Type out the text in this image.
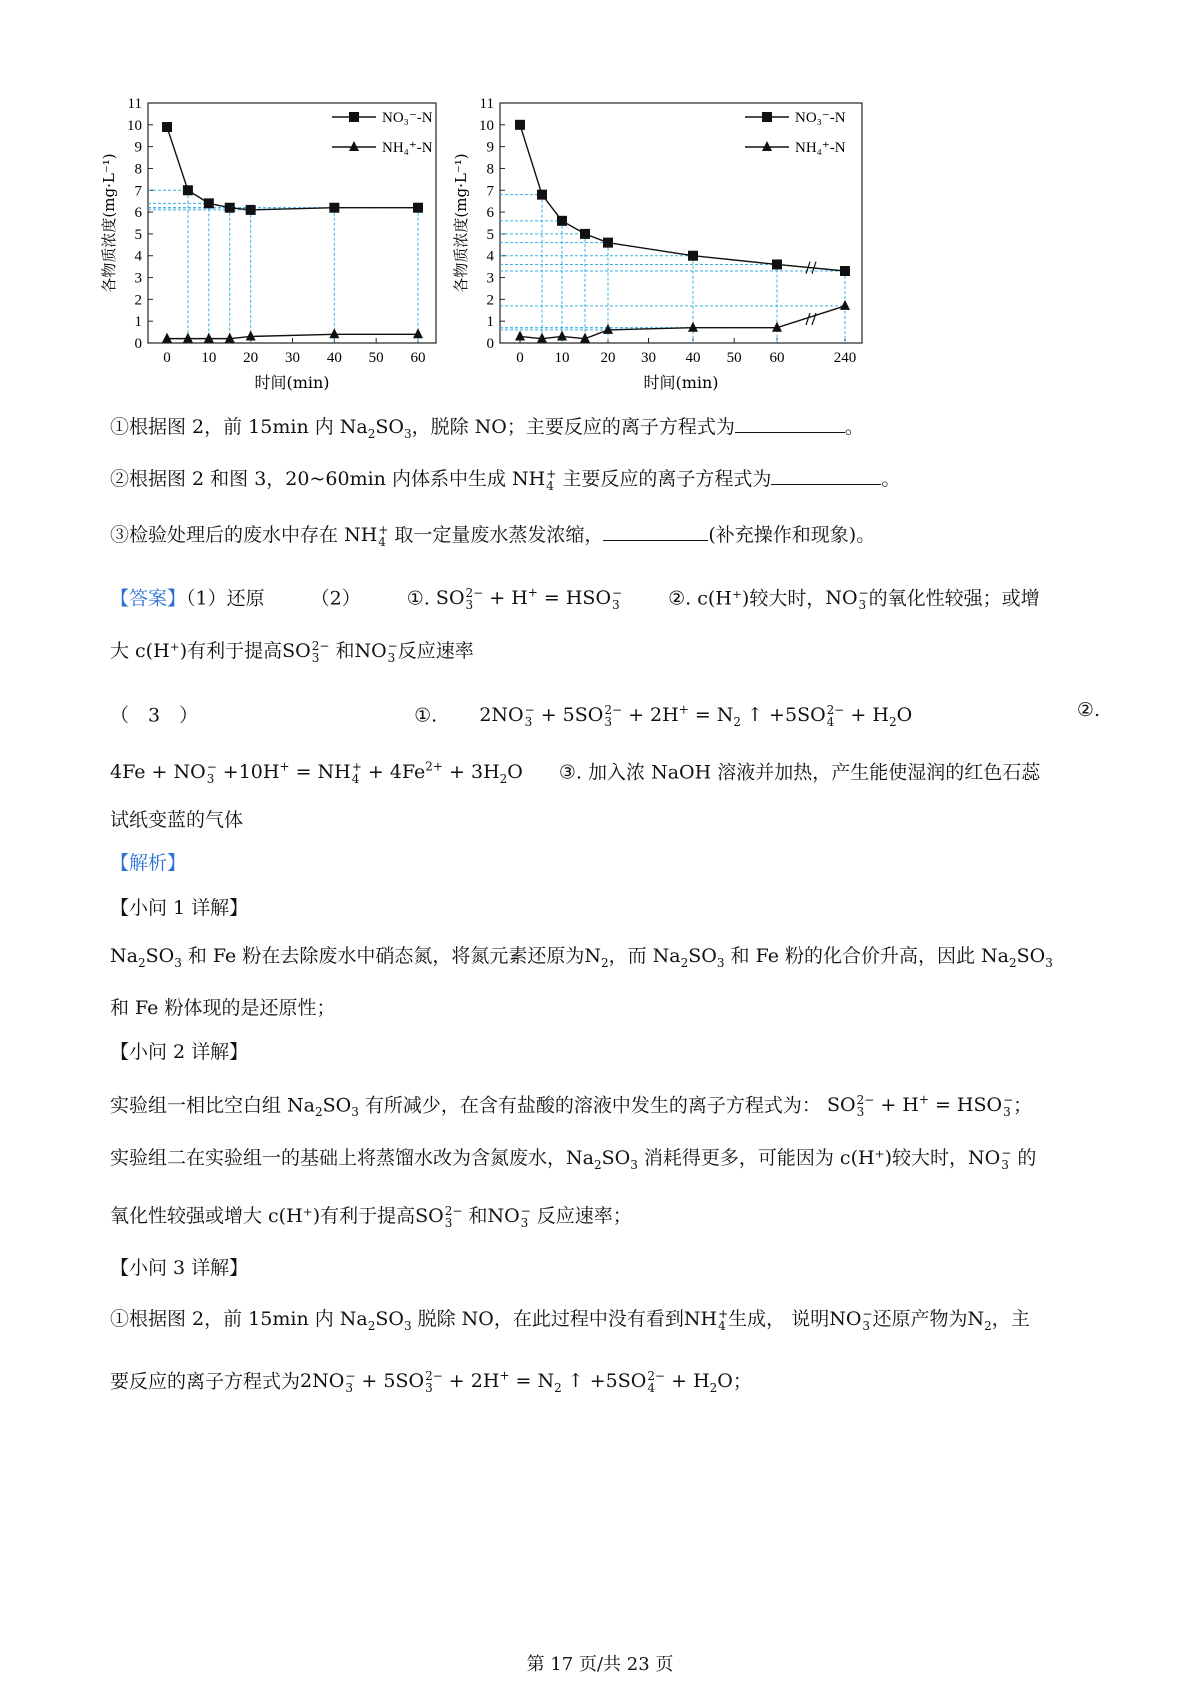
0
1
2
3
4
5
6
7
8
9
10
11
0 10 20 30 40 50 60
时间(min)
各物质浓度(mg·L⁻¹)
NO₃⁻-N
NH₄⁺-N
0
1
2
3
4
5
6
7
8
9
10
11
0 10 20 30 40 50 60	240
时间(min)
各物质浓度(mg·L⁻¹)
NO₃⁻-N
NH₄⁺-N
①根据图 2，前 15min 内 $Na_2SO_3$，脱除 NO；主要反应的离子方程式为	。
②根据图 2 和图 3，20~60min 内体系中生成 NH +
4 主要反应的离子方程式为	。
③检验处理后的废水中存在 NH +
4 取一定量废水蒸发浓缩，	(补充操作和现象)。
【答案】（1）还原 （2） ①. SO 2−
3 + H+ = HSO −
3	②. c(H⁺)较大时，NO −
3 的氧化性较强；或增
大 c(H⁺)有利于提高SO 2−
3 和NO −
3 反应速率
（　3　）	①. 2NO −
3 + 5SO 2−
$3 + 2H^+ = N_2$ ↑ +5SO 2−
$4 + H_2O$	②.
4Fe + NO −
3 +10H+ = NH +
$4 + 4Fe^{2+} + 3H_2O$ ③. 加入浓 NaOH 溶液并加热，产生能使湿润的红色石蕊
试纸变蓝的气体
【解析】
【小问 1 详解】
$Na_2SO_3$ 和 Fe 粉在去除废水中硝态氮，将氮元素还原为$N_2$，而 $Na_2SO_3$ 和 Fe 粉的化合价升高，因此 $Na_2SO_3$
和 Fe 粉体现的是还原性；
【小问 2 详解】
实验组一相比空白组 $Na_2SO_3$ 有所减少，在含有盐酸的溶液中发生的离子方程式为： SO 2−
3 + H+ = HSO −
3 ；
实验组二在实验组一的基础上将蒸馏水改为含氮废水，$Na_2SO_3$ 消耗得更多，可能因为 c(H⁺)较大时，NO −
3 的
氧化性较强或增大 c(H⁺)有利于提高SO 2−
3 和NO −
3 反应速率；
【小问 3 详解】
①根据图 2，前 15min 内 $Na_2SO_3$ 脱除 NO，在此过程中没有看到NH +
4 生成， 说明NO −
3 还原产物为$N_2$，主
要反应的离子方程式为2NO −
3 + 5SO 2−
$3 + 2H^+ = N_2$ ↑ +5SO 2−
$4 + H_2O$；
第 17 页/共 23 页
